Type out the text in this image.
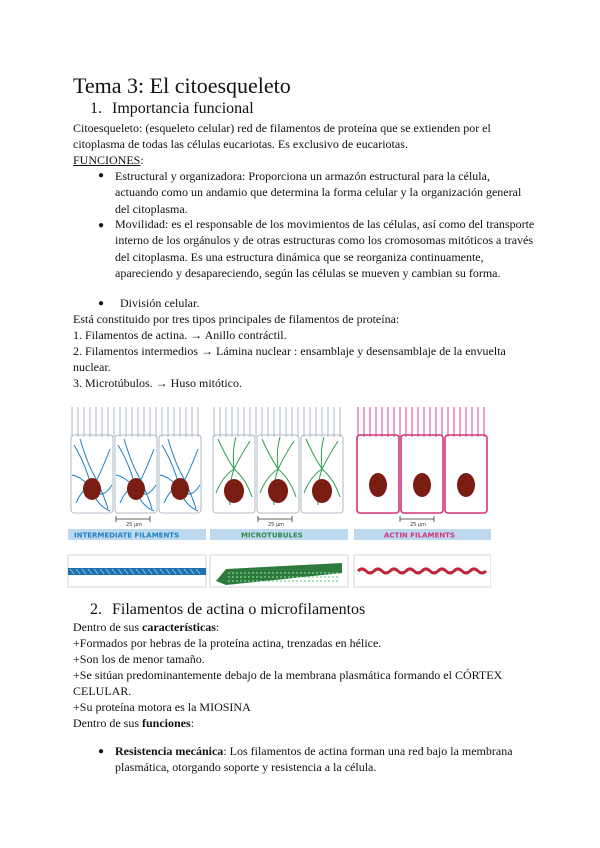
Tema 3: El citoesqueleto
1. Importancia funcional

Citoesqueleto: (esqueleto celular) red de filamentos de proteína que se extienden por el citoplasma de todas las células eucariotas. Es exclusivo de eucariotas.

FUNCIONES:

● Estructural y organizadora: Proporciona un armazón estructural para la célula, actuando como un andamio que determina la forma celular y la organización general del citoplasma.

● Movilidad: es el responsable de los movimientos de las células, así como del transporte interno de los orgánulos y de otras estructuras como los cromosomas mitóticos a través del citoplasma. Es una estructura dinámica que se reorganiza continuamente, apareciendo y desapareciendo, según las células se mueven y cambian su forma.

● División celular.

Está constituido por tres tipos principales de filamentos de proteína:

1. Filamentos de actina. → Anillo contráctil.

2. Filamentos intermedios → Lámina nuclear : ensamblaje y desensamblaje de la envuelta nuclear.

3. Microtúbulos. → Huso mitótico.

25 µm
INTERMEDIATE FILAMENTS
25 µm
MICROTUBULES
25 µm
ACTIN FILAMENTS
2. Filamentos de actina o microfilamentos

Dentro de sus características:

+Formados por hebras de la proteína actina, trenzadas en hélice.

+Son los de menor tamaño.

+Se sitúan predominantemente debajo de la membrana plasmática formando el CÓRTEX CELULAR.

+Su proteína motora es la MIOSINA

Dentro de sus funciones:

● Resistencia mecánica: Los filamentos de actina forman una red bajo la membrana plasmática, otorgando soporte y resistencia a la célula.
